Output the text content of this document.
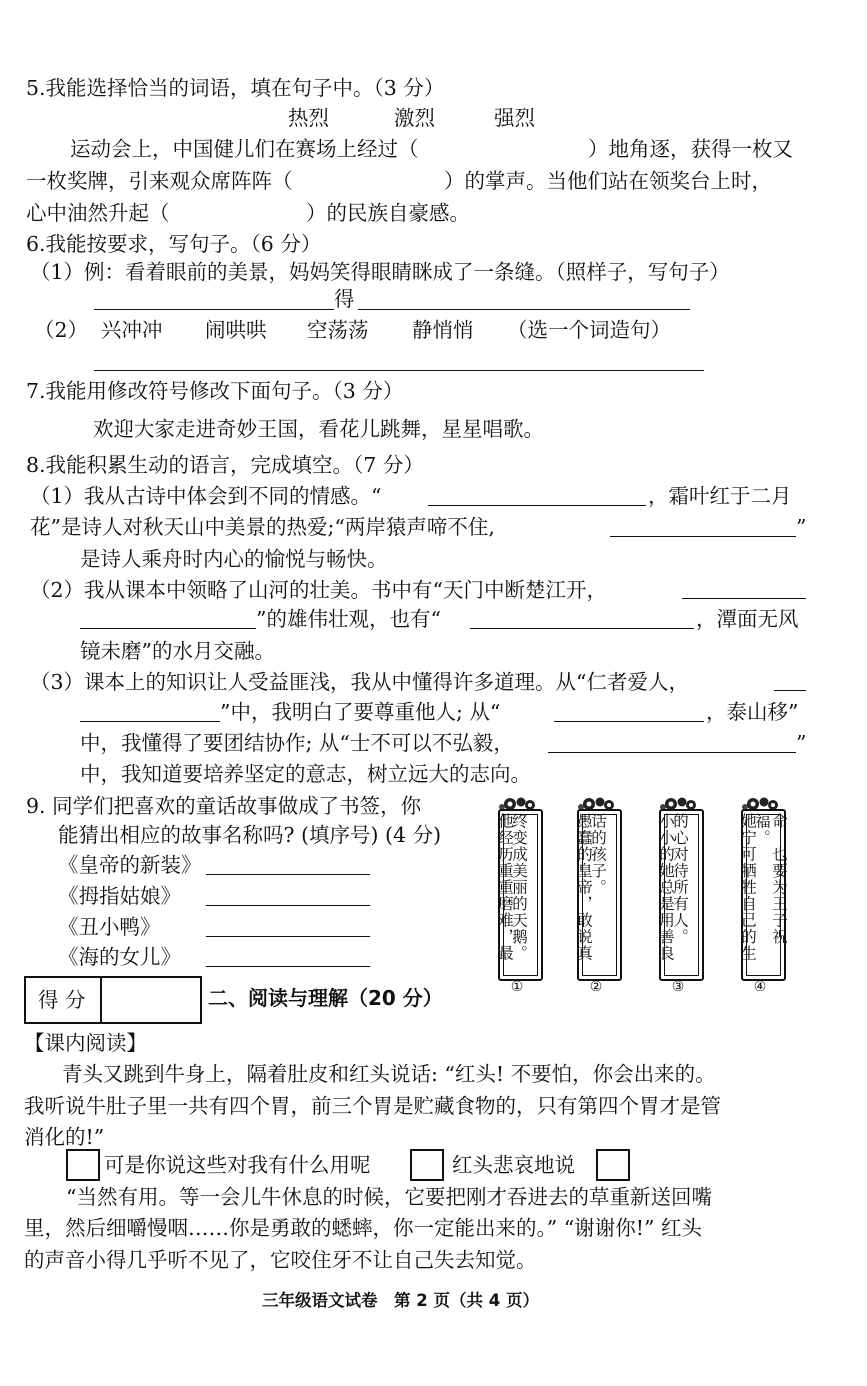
5.我能选择恰当的词语，填在句子中。（3 分）
热烈	激烈	强烈
运动会上，中国健儿们在赛场上经过（	）地角逐，获得一枚又
一枚奖牌，引来观众席阵阵（	）的掌声。当他们站在领奖台上时，
心中油然升起（	）的民族自豪感。
6.我能按要求，写句子。（6 分）
（1）例：看着眼前的美景，妈妈笑得眼睛眯成了一条缝。（照样子，写句子）
得
（2） 兴冲冲 闹哄哄 空荡荡 静悄悄 （选一个词造句）
7.我能用修改符号修改下面句子。（3 分）
欢迎大家走进奇妙王国，看花儿跳舞，星星唱歌。
8.我能积累生动的语言，完成填空。（7 分）
（1）我从古诗中体会到不同的情感。“	，霜叶红于二月
花”是诗人对秋天山中美景的热爱;“两岸猿声啼不住,	”
是诗人乘舟时内心的愉悦与畅快。
（2）我从课本中领略了山河的壮美。书中有“天门中断楚江开，
”的雄伟壮观，也有“	，潭面无风
镜未磨”的水月交融。
（3）课本上的知识让人受益匪浅，我从中懂得许多道理。从“仁者爱人，
”中，我明白了要尊重他人; 从“	，泰山移”
中，我懂得了要团结协作; 从“士不可以不弘毅，	”
中，我知道要培养坚定的意志，树立远大的志向。
9. 同学们把喜欢的童话故事做成了书签，你
能猜出相应的故事名称吗? (填序号) (4 分)
《皇帝的新装》
《拇指姑娘》
《丑小鸭》
《海的女儿》	终变成美丽的天鹅。
他经历重重磨难，最
①
话的孩子。
愚蠢的皇帝，敢说真
②
的心对待所有人。
小小的她总是用善良
③
命，也要为王子祝福。
她宁可牺牲自己的生
④
得 分	二、阅读与理解（20 分）
【课内阅读】
青头又跳到牛身上，隔着肚皮和红头说话: “红头! 不要怕，你会出来的。
我听说牛肚子里一共有四个胃，前三个胃是贮藏食物的，只有第四个胃才是管
消化的!”
可是你说这些对我有什么用呢	红头悲哀地说
“当然有用。等一会儿牛休息的时候，它要把刚才吞进去的草重新送回嘴
里，然后细嚼慢咽……你是勇敢的蟋蟀，你一定能出来的。” “谢谢你!” 红头
的声音小得几乎听不见了，它咬住牙不让自己失去知觉。
三年级语文试卷　第 2 页（共 4 页）
